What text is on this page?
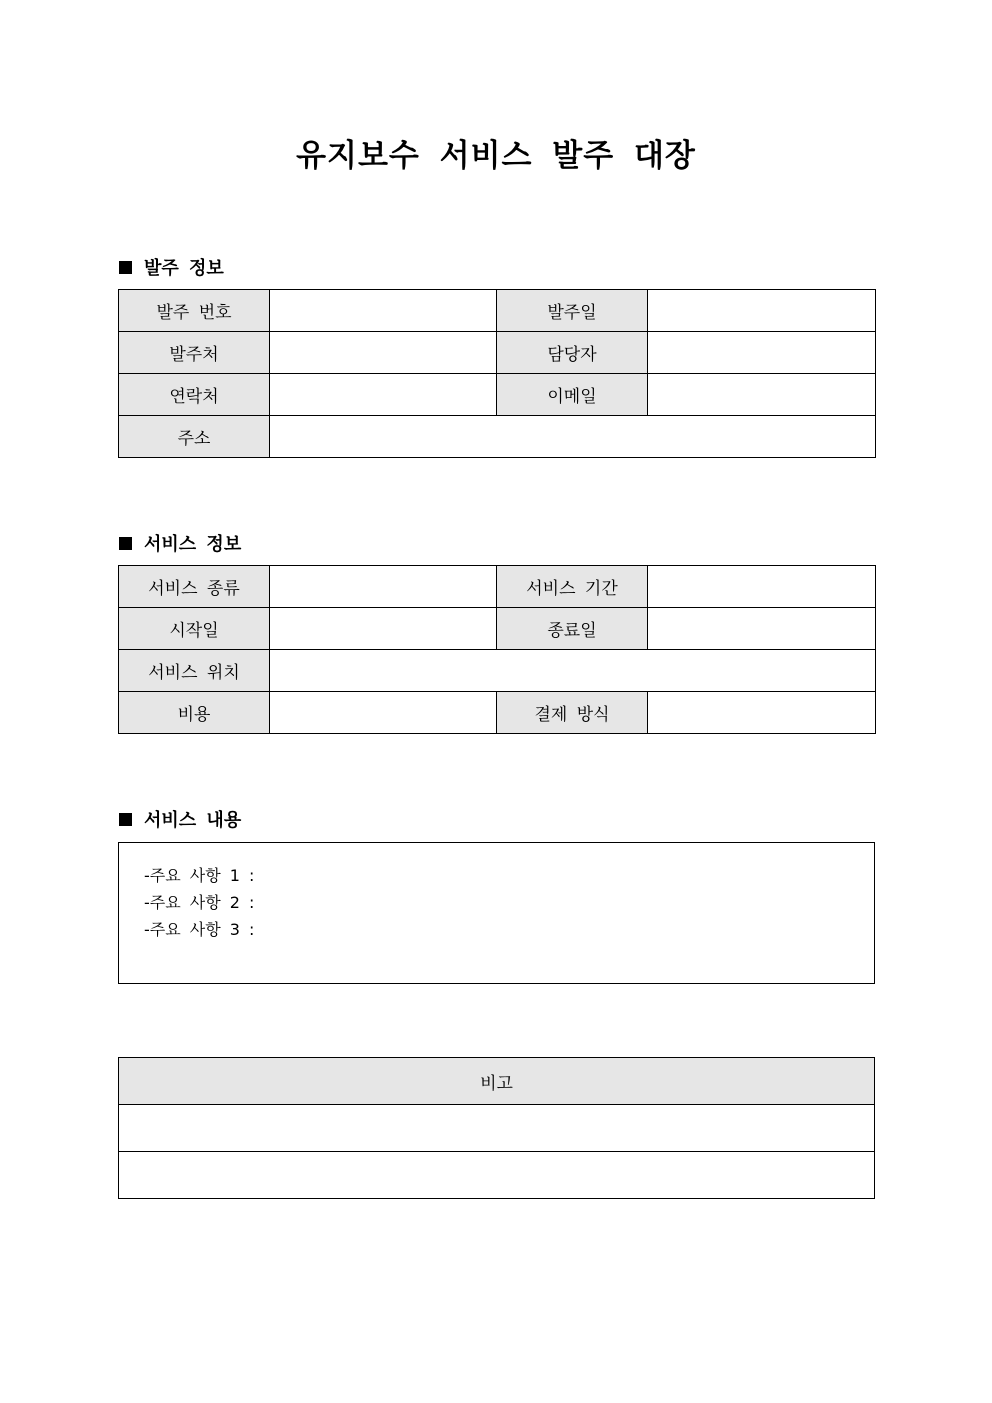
유지보수 서비스 발주 대장
발주 정보
발주 번호		발주일	
발주처		담당자	
연락처		이메일	
주소			
서비스 정보
서비스 종류		서비스 기간	
시작일		종료일	
서비스 위치			
비용		결제 방식	
서비스 내용
-주요 사항 1 :
-주요 사항 2 :
-주요 사항 3 :
비고
